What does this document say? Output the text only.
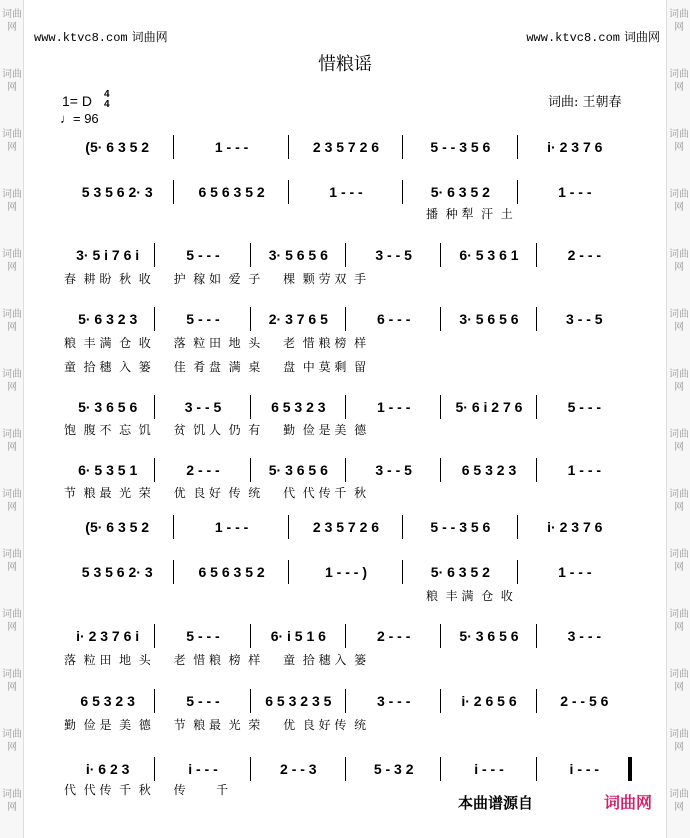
词曲网
词曲网
词曲网
词曲网
词曲网
词曲网
词曲网
词曲网
词曲网
词曲网
词曲网
词曲网
词曲网
词曲网
词曲网
词曲网
词曲网
词曲网
词曲网
词曲网
词曲网
词曲网
词曲网
词曲网
词曲网
词曲网
词曲网
词曲网
www.ktvc8.com 词曲网	www.ktvc8.com 词曲网
惜粮谣
1= D 4
4
♩= 96
词曲: 王朝春
(5· 6 3 5 2	1 - - -	2 3 5 7 2 6	5 - - 3 5 6	i· 2 3 7 6
5 3 5 6 2· 3	6 5 6 3 5 2	1 - - -	5· 6 3 5 2	1 - - -
3· 5 i 7 6 i	5 - - -	3· 5 6 5 6	3 - - 5	6· 5 3 6 1	2 - - -
5· 6 3 2 3	5 - - -	2· 3 7 6 5	6 - - -	3· 5 6 5 6	3 - - 5
5· 3 6 5 6	3 - - 5	6 5 3 2 3	1 - - -	5· 6 i 2 7 6	5 - - -
6· 5 3 5 1	2 - - -	5· 3 6 5 6	3 - - 5	6 5 3 2 3	1 - - -
(5· 6 3 5 2	1 - - -	2 3 5 7 2 6	5 - - 3 5 6	i· 2 3 7 6
5 3 5 6 2· 3	6 5 6 3 5 2	1 - - - )	5· 6 3 5 2	1 - - -
i· 2 3 7 6 i	5 - - -	6· i 5 1 6	2 - - -	5· 3 6 5 6	3 - - -
6 5 3 2 3	5 - - -	6 5 3 2 3 5	3 - - -	i· 2 6 5 6	2 - - 5 6
i· 6 2 3	i - - -	2 - - 3	5 - 3 2	i - - -	i - - -
播  种 犁  汗  土
春  耕 盼  秋  收      护  稼 如  爱  子      棵  颗 劳 双  手
粮  丰 满  仓  收      落  粒 田  地  头      老  惜 粮 榜  样
童  拾 穗  入  篓      佳  肴 盘  满  桌      盘  中 莫 剩  留
饱  腹 不  忘  饥      贫  饥 人  仍  有      勤  俭 是 美  德
节  粮 最  光  荣      优  良 好  传  统      代  代 传 千  秋
粮  丰 满  仓  收
落  粒 田  地  头      老  惜 粮  榜  样      童  拾 穗 入  篓
勤  俭 是  美  德      节  粮 最  光  荣      优  良 好 传  统
代  代 传  千  秋      传        千
本曲谱源自	词曲网
